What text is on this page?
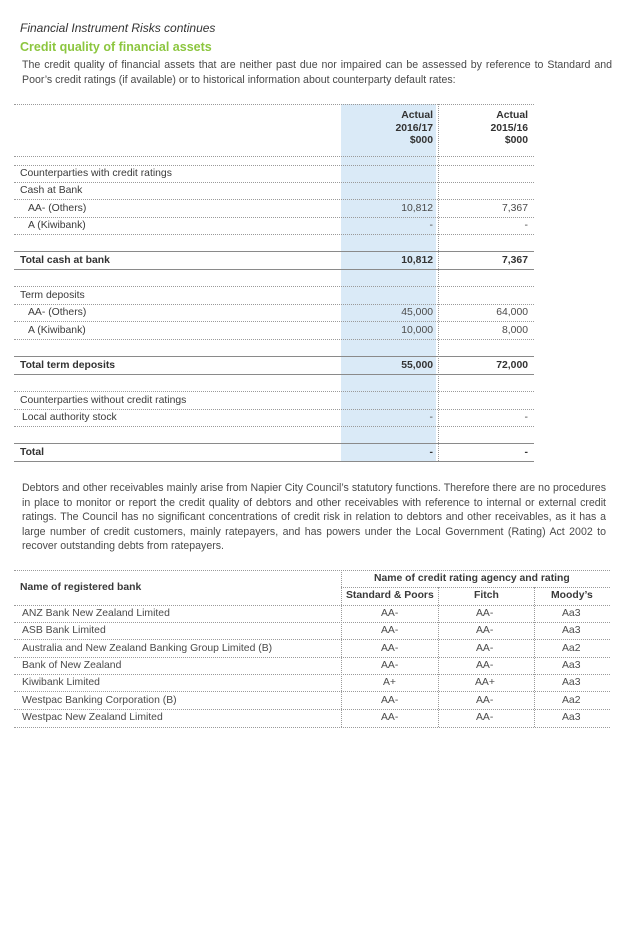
Financial Instrument Risks continues
Credit quality of financial assets
The credit quality of financial assets that are neither past due nor impaired can be assessed by reference to Standard and Poor’s credit ratings (if available) or to historical information about counterparty default rates:
Actual
2016/17
$000
Actual
2015/16
$000
Counterparties with credit ratings
Cash at Bank
AA- (Others)	10,812	7,367
A (Kiwibank)	-	-
Total cash at bank	10,812	7,367
Term deposits
AA- (Others)	45,000	64,000
A (Kiwibank)	10,000	8,000
Total term deposits	55,000	72,000
Counterparties without credit ratings
Local authority stock	-	-
Total	-	-
Debtors and other receivables mainly arise from Napier City Council’s statutory functions. Therefore there are no procedures in place to monitor or report the credit quality of debtors and other receivables with reference to internal or external credit ratings. The Council has no significant concentrations of credit risk in relation to debtors and other receivables, as it has a large number of credit customers, mainly ratepayers, and has powers under the Local Government (Rating) Act 2002 to recover outstanding debts from ratepayers.
Name of registered bank
Name of credit rating agency and rating
Standard & Poors	Fitch	Moody’s
ANZ Bank New Zealand Limited	AA-	AA-	Aa3
ASB Bank Limited	AA-	AA-	Aa3
Australia and New Zealand Banking Group Limited (B)	AA-	AA-	Aa2
Bank of New Zealand	AA-	AA-	Aa3
Kiwibank Limited	A+	AA+	Aa3
Westpac Banking Corporation (B)	AA-	AA-	Aa2
Westpac New Zealand Limited	AA-	AA-	Aa3
